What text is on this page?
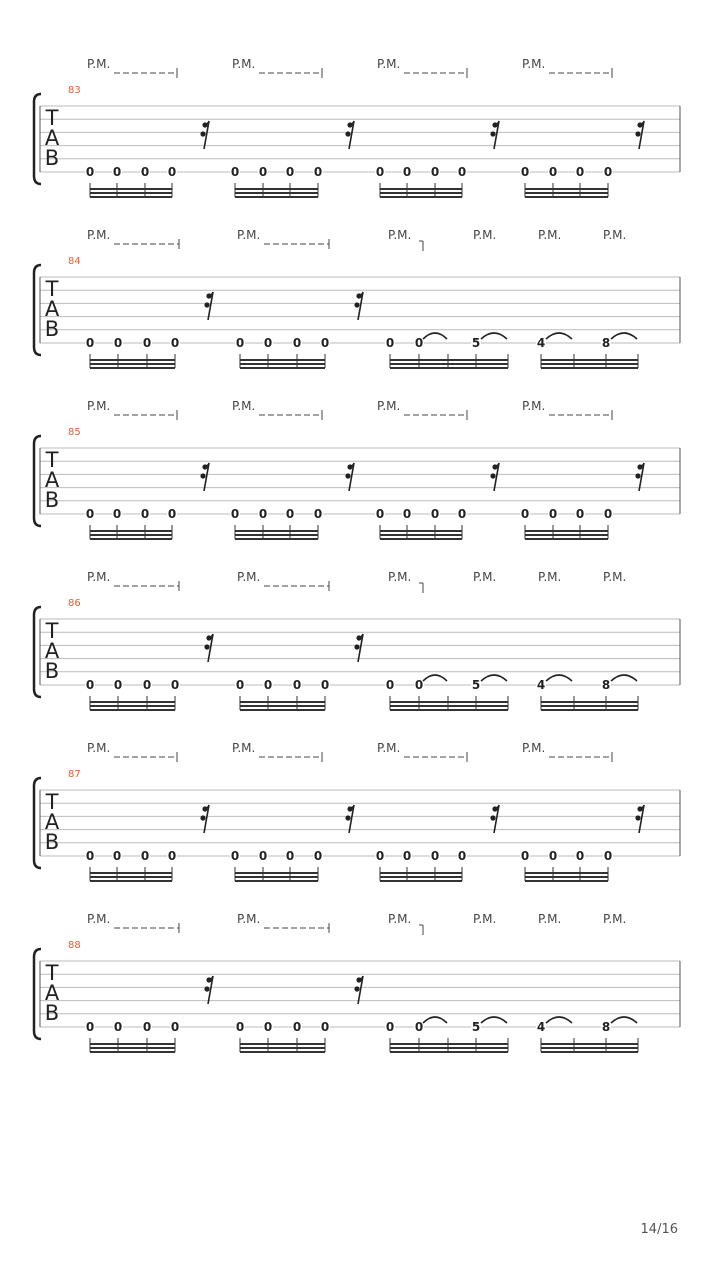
P.M.	P.M.	P.M.	P.M.
83
T
A
B
0 0 0 0	0 0 0 0	0 0 0 0	0 0 0 0
P.M.	P.M.	P.M.	P.M.	P.M.	P.M.
84
T
A
B
0 0 0 0	0 0 0 0	0 0	5	4	8
P.M.	P.M.	P.M.	P.M.
85
T
A
B
0 0 0 0	0 0 0 0	0 0 0 0	0 0 0 0
P.M.	P.M.	P.M.	P.M.	P.M.	P.M.
86
T
A
B
0 0 0 0	0 0 0 0	0 0	5	4	8
P.M.	P.M.	P.M.	P.M.
87
T
A
B
0 0 0 0	0 0 0 0	0 0 0 0	0 0 0 0
P.M.	P.M.	P.M.	P.M.	P.M.	P.M.
88
T
A
B
0 0 0 0	0 0 0 0	0 0	5	4	8
14/16
